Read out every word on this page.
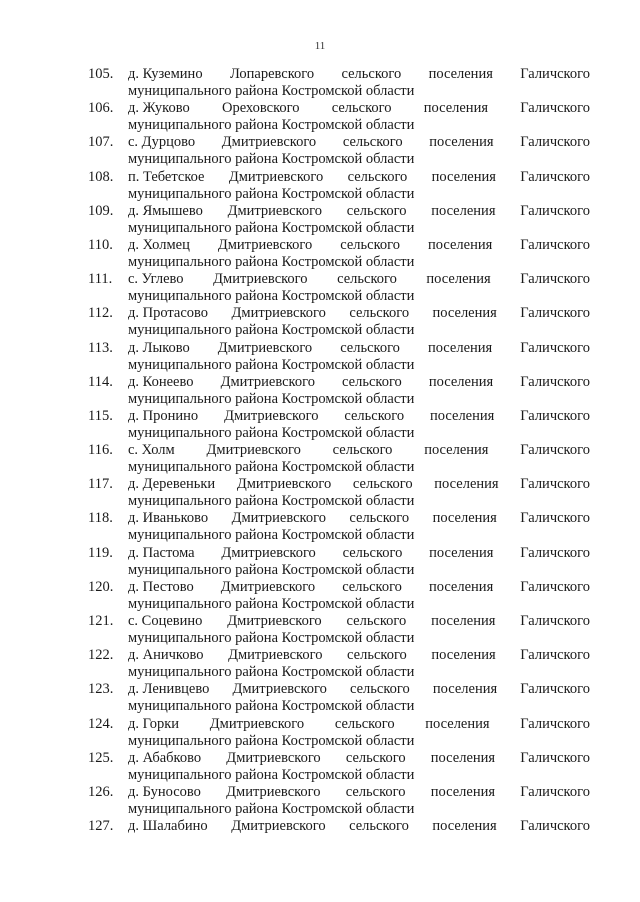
11
105.	д. Куземино Лопаревского сельского поселения Галичского
муниципального района Костромской области
106.	д. Жуково Ореховского сельского поселения Галичского
муниципального района Костромской области
107.	с. Дурцово Дмитриевского сельского поселения Галичского
муниципального района Костромской области
108.	п. Тебетское Дмитриевского сельского поселения Галичского
муниципального района Костромской области
109.	д. Ямышево Дмитриевского сельского поселения Галичского
муниципального района Костромской области
110.	д. Холмец Дмитриевского сельского поселения Галичского
муниципального района Костромской области
111.	с. Углево Дмитриевского сельского поселения Галичского
муниципального района Костромской области
112.	д. Протасово Дмитриевского сельского поселения Галичского
муниципального района Костромской области
113.	д. Лыково Дмитриевского сельского поселения Галичского
муниципального района Костромской области
114.	д. Конеево Дмитриевского сельского поселения Галичского
муниципального района Костромской области
115.	д. Пронино Дмитриевского сельского поселения Галичского
муниципального района Костромской области
116.	с. Холм Дмитриевского сельского поселения Галичского
муниципального района Костромской области
117.	д. Деревеньки Дмитриевского сельского поселения Галичского
муниципального района Костромской области
118.	д. Иваньково Дмитриевского сельского поселения Галичского
муниципального района Костромской области
119.	д. Пастома Дмитриевского сельского поселения Галичского
муниципального района Костромской области
120.	д. Пестово Дмитриевского сельского поселения Галичского
муниципального района Костромской области
121.	с. Соцевино Дмитриевского сельского поселения Галичского
муниципального района Костромской области
122.	д. Аничково Дмитриевского сельского поселения Галичского
муниципального района Костромской области
123.	д. Ленивцево Дмитриевского сельского поселения Галичского
муниципального района Костромской области
124.	д. Горки Дмитриевского сельского поселения Галичского
муниципального района Костромской области
125.	д. Абабково Дмитриевского сельского поселения Галичского
муниципального района Костромской области
126.	д. Буносово Дмитриевского сельского поселения Галичского
муниципального района Костромской области
127.	д. Шалабино Дмитриевского сельского поселения Галичского
